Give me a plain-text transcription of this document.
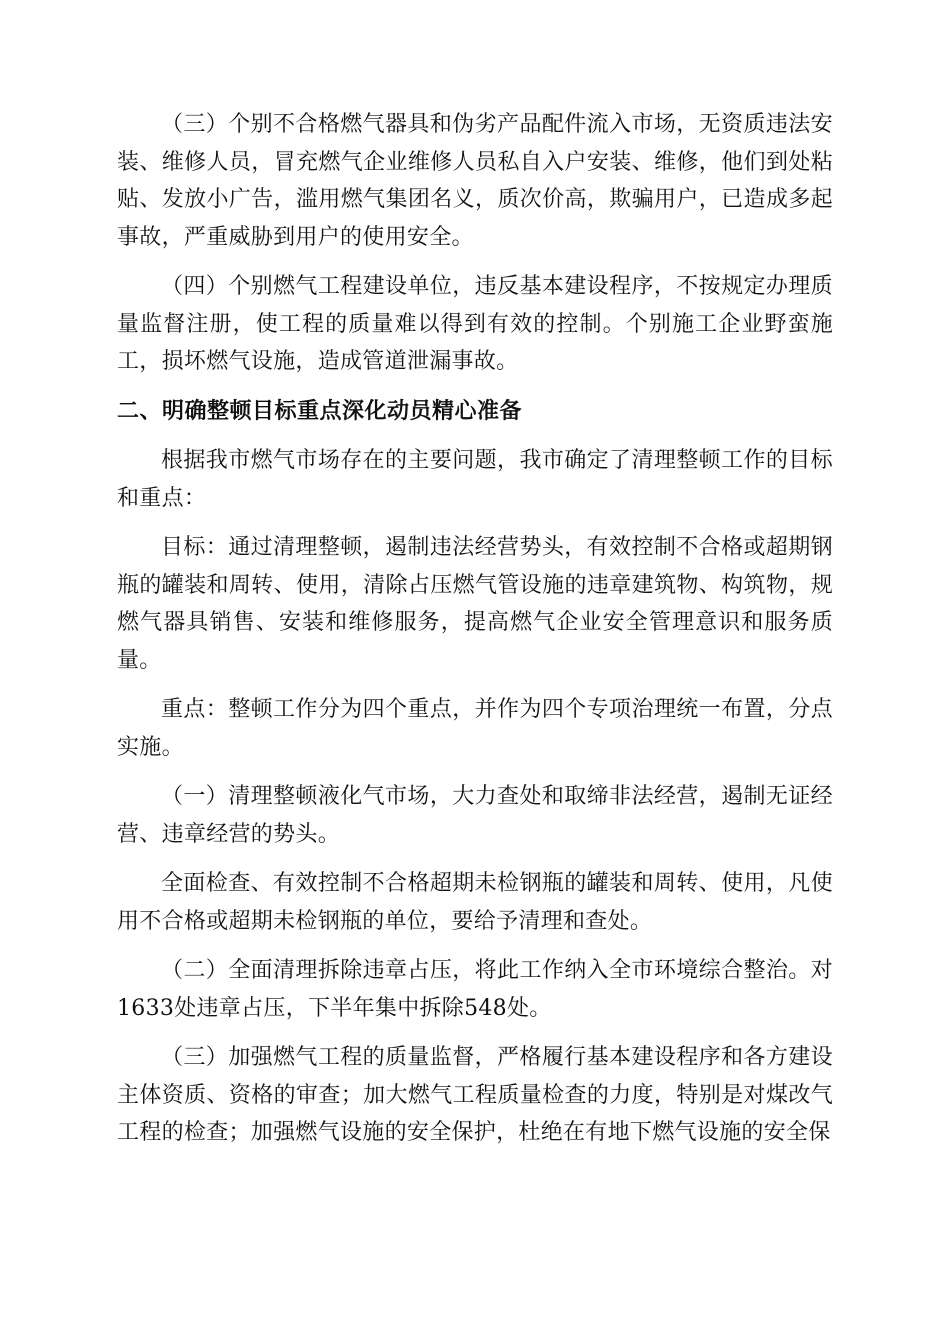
（三）个别不合格燃气器具和伪劣产品配件流入市场，无资质违法安装、维修人员，冒充燃气企业维修人员私自入户安装、维修，他们到处粘贴、发放小广告，滥用燃气集团名义，质次价高，欺骗用户，已造成多起事故，严重威胁到用户的使用安全。

（四）个别燃气工程建设单位，违反基本建设程序，不按规定办理质量监督注册，使工程的质量难以得到有效的控制。个别施工企业野蛮施工，损坏燃气设施，造成管道泄漏事故。

二、明确整顿目标重点深化动员精心准备

根据我市燃气市场存在的主要问题，我市确定了清理整顿工作的目标和重点：

目标：通过清理整顿，遏制违法经营势头，有效控制不合格或超期钢瓶的罐装和周转、使用，清除占压燃气管设施的违章建筑物、构筑物，规燃气器具销售、安装和维修服务，提高燃气企业安全管理意识和服务质量。

重点：整顿工作分为四个重点，并作为四个专项治理统一布置，分点实施。

（一）清理整顿液化气市场，大力查处和取缔非法经营，遏制无证经营、违章经营的势头。

全面检查、有效控制不合格超期未检钢瓶的罐装和周转、使用，凡使用不合格或超期未检钢瓶的单位，要给予清理和查处。

（二）全面清理拆除违章占压，将此工作纳入全市环境综合整治。对1633处违章占压，下半年集中拆除548处。

（三）加强燃气工程的质量监督，严格履行基本建设程序和各方建设主体资质、资格的审查；加大燃气工程质量检查的力度，特别是对煤改气工程的检查；加强燃气设施的安全保护，杜绝在有地下燃气设施的安全保
